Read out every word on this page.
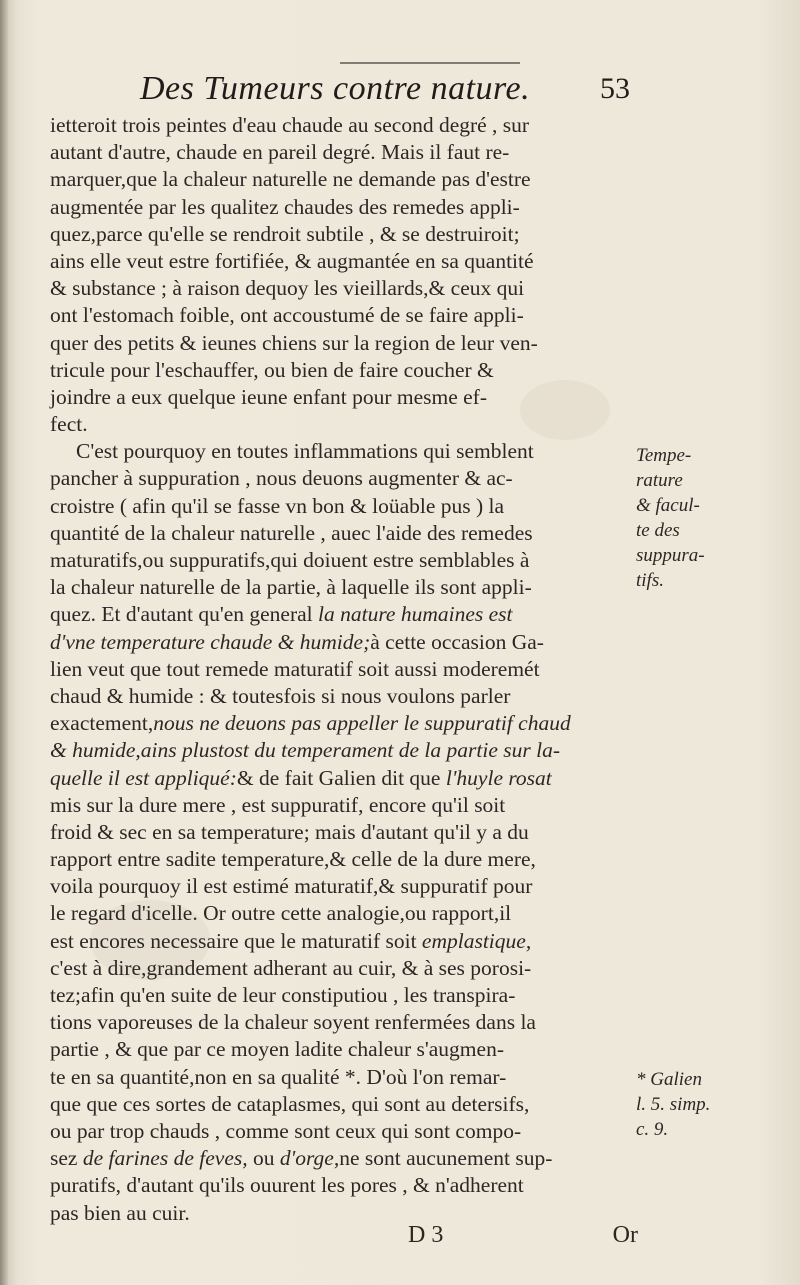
Des Tumeurs contre nature. 53
ietteroit trois peintes d'eau chaude au second degré , sur
autant d'autre, chaude en pareil degré. Mais il faut re-
marquer,que la chaleur naturelle ne demande pas d'estre
augmentée par les qualitez chaudes des remedes appli-
quez,parce qu'elle se rendroit subtile , & se destruiroit;
ains elle veut estre fortifiée, & augmantée en sa quantité
& substance ; à raison dequoy les vieillards,& ceux qui
ont l'estomach foible, ont accoustumé de se faire appli-
quer des petits & ieunes chiens sur la region de leur ven-
tricule pour l'eschauffer, ou bien de faire coucher &
joindre a eux quelque ieune enfant pour mesme ef-
fect.
C'est pourquoy en toutes inflammations qui semblent
pancher à suppuration , nous deuons augmenter & ac-
croistre ( afin qu'il se fasse vn bon & loüable pus ) la
quantité de la chaleur naturelle , auec l'aide des remedes
maturatifs,ou suppuratifs,qui doiuent estre semblables à
la chaleur naturelle de la partie, à laquelle ils sont appli-
quez. Et d'autant qu'en general la nature humaines est
d'vne temperature chaude & humide;à cette occasion Ga-
lien veut que tout remede maturatif soit aussi moderemét
chaud & humide : & toutesfois si nous voulons parler
exactement,nous ne deuons pas appeller le suppuratif chaud
& humide,ains plustost du temperament de la partie sur la-
quelle il est appliqué:& de fait Galien dit que l'huyle rosat
mis sur la dure mere , est suppuratif, encore qu'il soit
froid & sec en sa temperature; mais d'autant qu'il y a du
rapport entre sadite temperature,& celle de la dure mere,
voila pourquoy il est estimé maturatif,& suppuratif pour
le regard d'icelle. Or outre cette analogie,ou rapport,il
est encores necessaire que le maturatif soit emplastique,
c'est à dire,grandement adherant au cuir, & à ses porosi-
tez;afin qu'en suite de leur constiputiou , les transpira-
tions vaporeuses de la chaleur soyent renfermées dans la
partie , & que par ce moyen ladite chaleur s'augmen-
te en sa quantité,non en sa qualité *. D'où l'on remar-
que que ces sortes de cataplasmes, qui sont au detersifs,
ou par trop chauds , comme sont ceux qui sont compo-
sez de farines de feves, ou d'orge,ne sont aucunement sup-
puratifs, d'autant qu'ils ouurent les pores , & n'adherent
pas bien au cuir.
Tempe-
rature
& facul-
te des
suppura-
tifs.
* Galien
l. 5. simp.
c. 9.
D 3	Or
